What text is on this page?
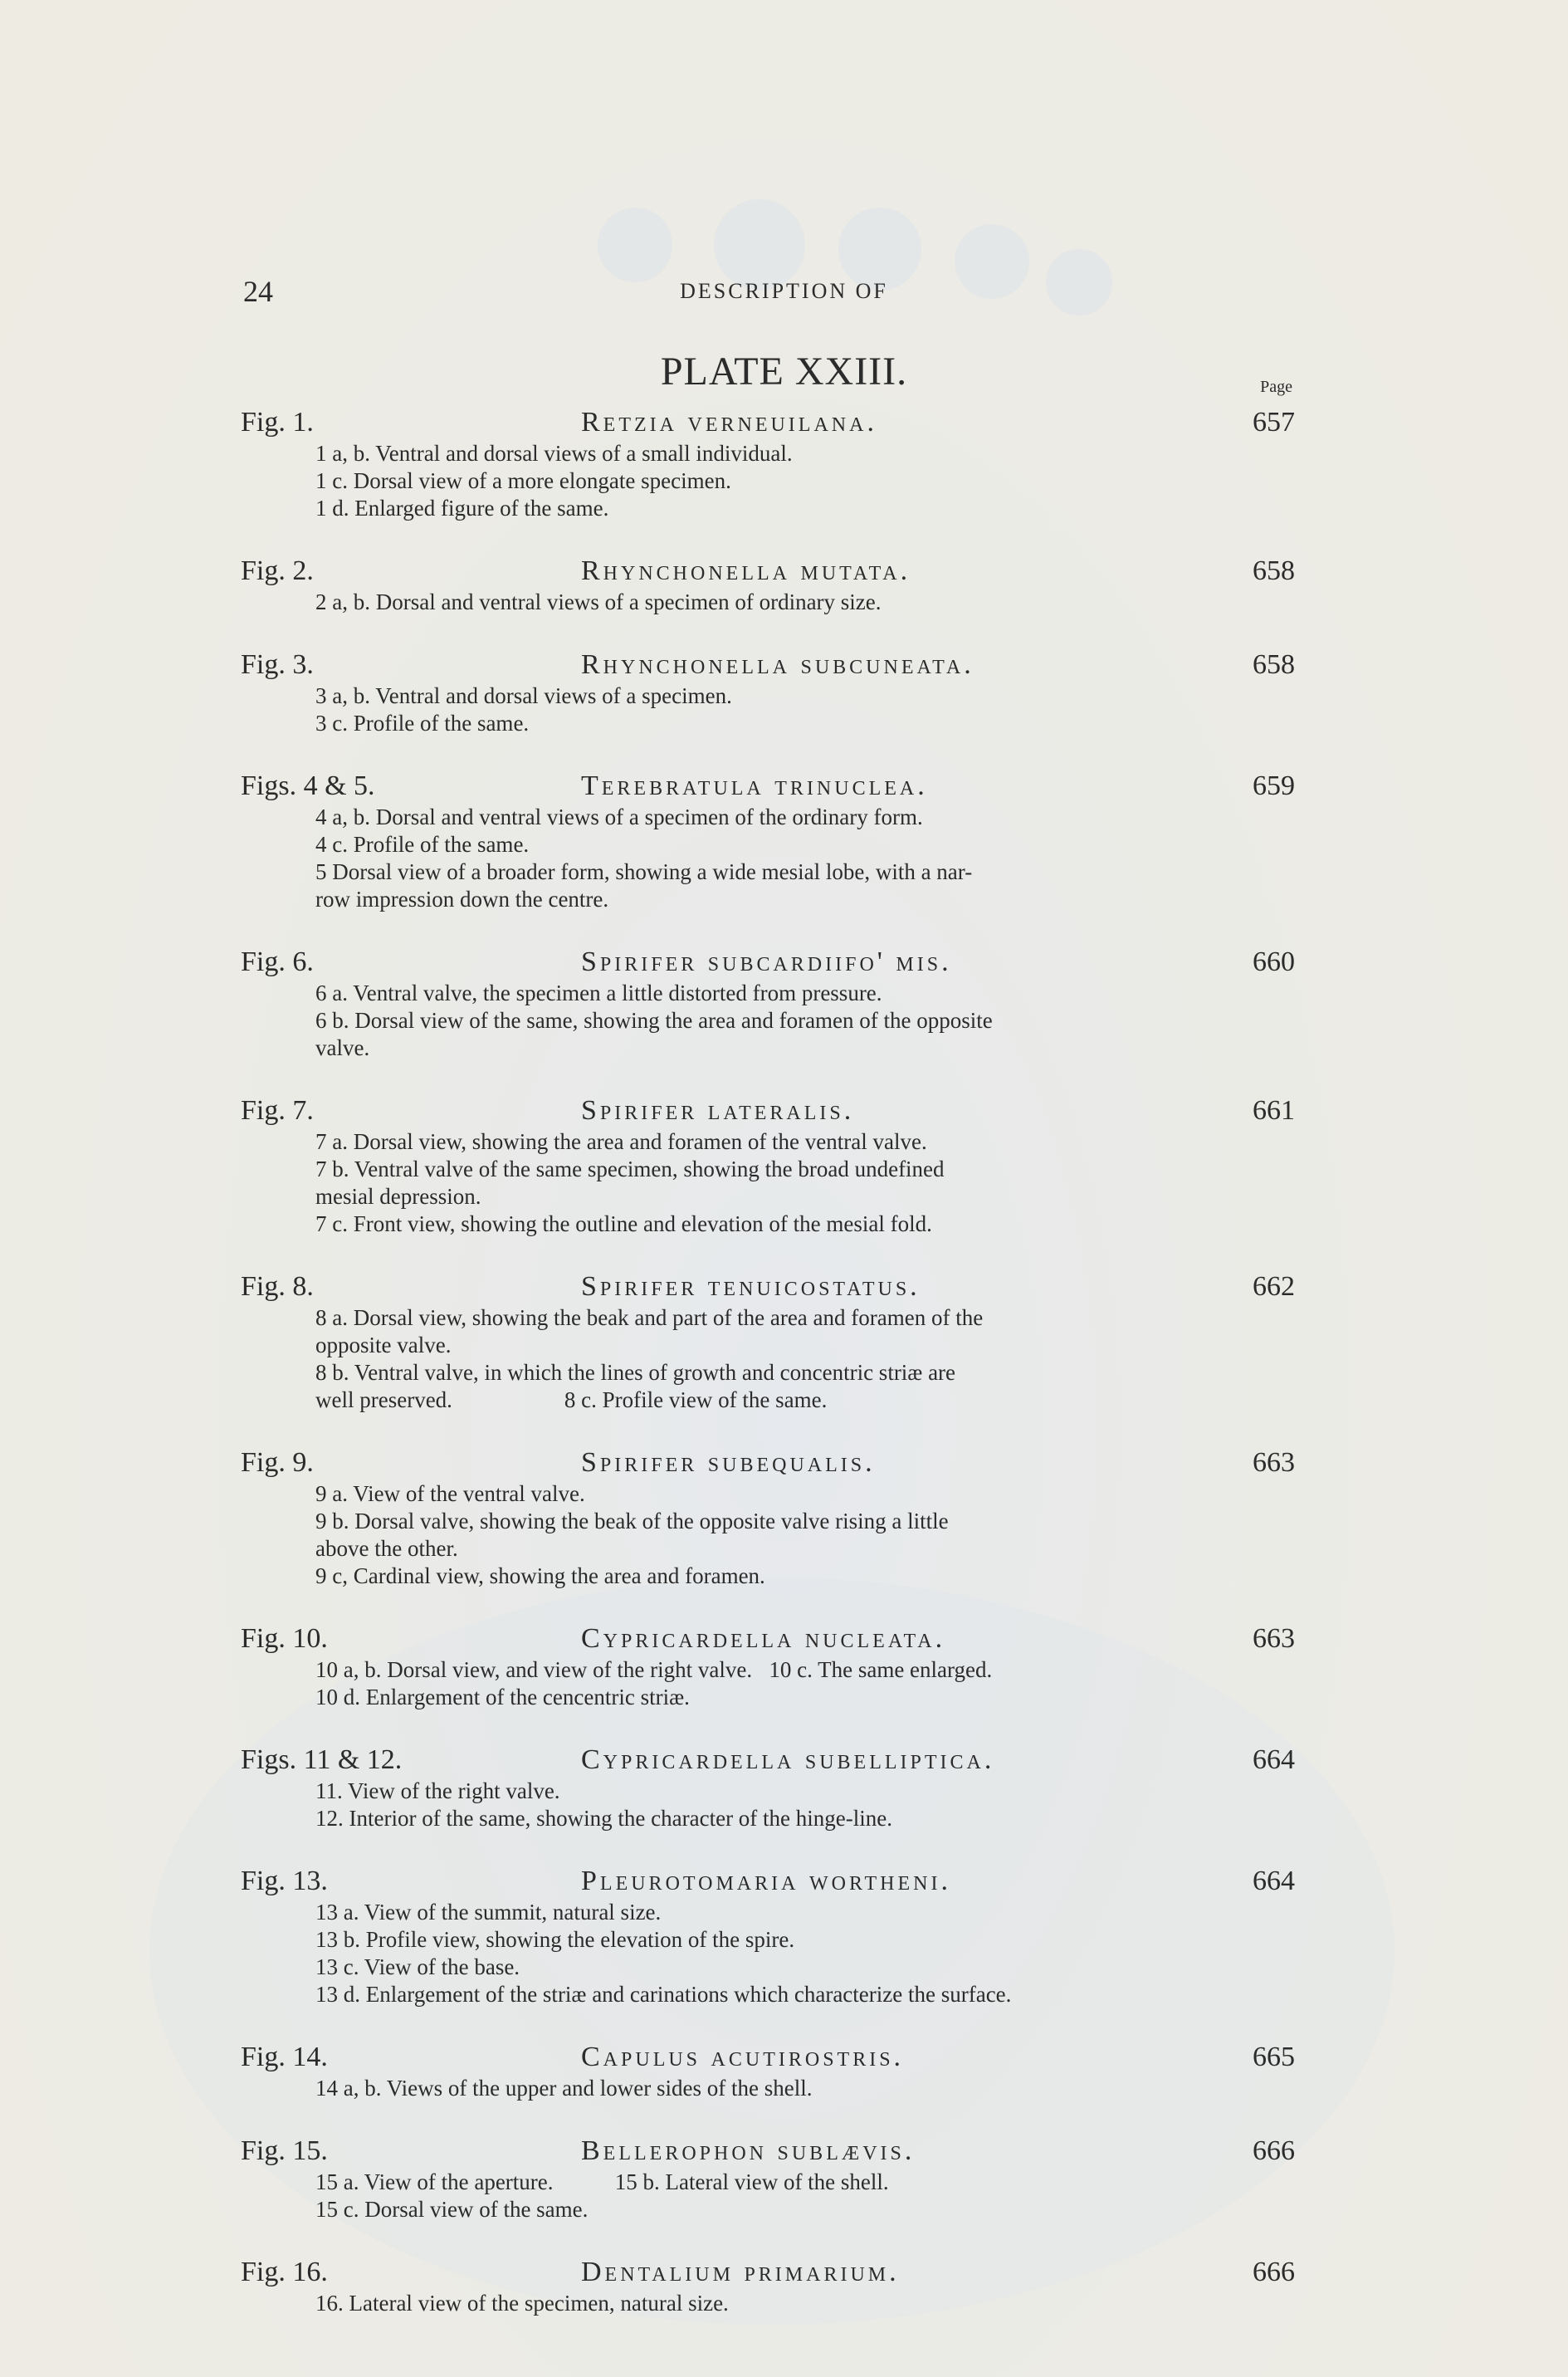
24	DESCRIPTION OF
PLATE XXIII.	Page
Fig. 1.	Retzia verneuilana.	657
1 a, b. Ventral and dorsal views of a small individual.
1 c. Dorsal view of a more elongate specimen.
1 d. Enlarged figure of the same.
Fig. 2.	Rhynchonella mutata.	658
2 a, b. Dorsal and ventral views of a specimen of ordinary size.
Fig. 3.	Rhynchonella subcuneata.	658
3 a, b. Ventral and dorsal views of a specimen.
3 c. Profile of the same.
Figs. 4 & 5.	Terebratula trinuclea.	659
4 a, b. Dorsal and ventral views of a specimen of the ordinary form.
4 c. Profile of the same.
5 Dorsal view of a broader form, showing a wide mesial lobe, with a nar-
row impression down the centre.
Fig. 6.	Spirifer subcardiifo' mis.	660
6 a. Ventral valve, the specimen a little distorted from pressure.
6 b. Dorsal view of the same, showing the area and foramen of the opposite
valve.
Fig. 7.	Spirifer lateralis.	661
7 a. Dorsal view, showing the area and foramen of the ventral valve.
7 b. Ventral valve of the same specimen, showing the broad undefined
mesial depression.
7 c. Front view, showing the outline and elevation of the mesial fold.
Fig. 8.	Spirifer tenuicostatus.	662
8 a. Dorsal view, showing the beak and part of the area and foramen of the
opposite valve.
8 b. Ventral valve, in which the lines of growth and concentric striæ are
well preserved.                    8 c. Profile view of the same.
Fig. 9.	Spirifer subequalis.	663
9 a. View of the ventral valve.
9 b. Dorsal valve, showing the beak of the opposite valve rising a little
above the other.
9 c, Cardinal view, showing the area and foramen.
Fig. 10.	Cypricardella nucleata.	663
10 a, b. Dorsal view, and view of the right valve.   10 c. The same enlarged.
10 d. Enlargement of the cencentric striæ.
Figs. 11 & 12.	Cypricardella subelliptica.	664
11. View of the right valve.
12. Interior of the same, showing the character of the hinge-line.
Fig. 13.	Pleurotomaria wortheni.	664
13 a. View of the summit, natural size.
13 b. Profile view, showing the elevation of the spire.
13 c. View of the base.
13 d. Enlargement of the striæ and carinations which characterize the surface.
Fig. 14.	Capulus acutirostris.	665
14 a, b. Views of the upper and lower sides of the shell.
Fig. 15.	Bellerophon sublævis.	666
15 a. View of the aperture.           15 b. Lateral view of the shell.
15 c. Dorsal view of the same.
Fig. 16.	Dentalium primarium.	666
16. Lateral view of the specimen, natural size.
